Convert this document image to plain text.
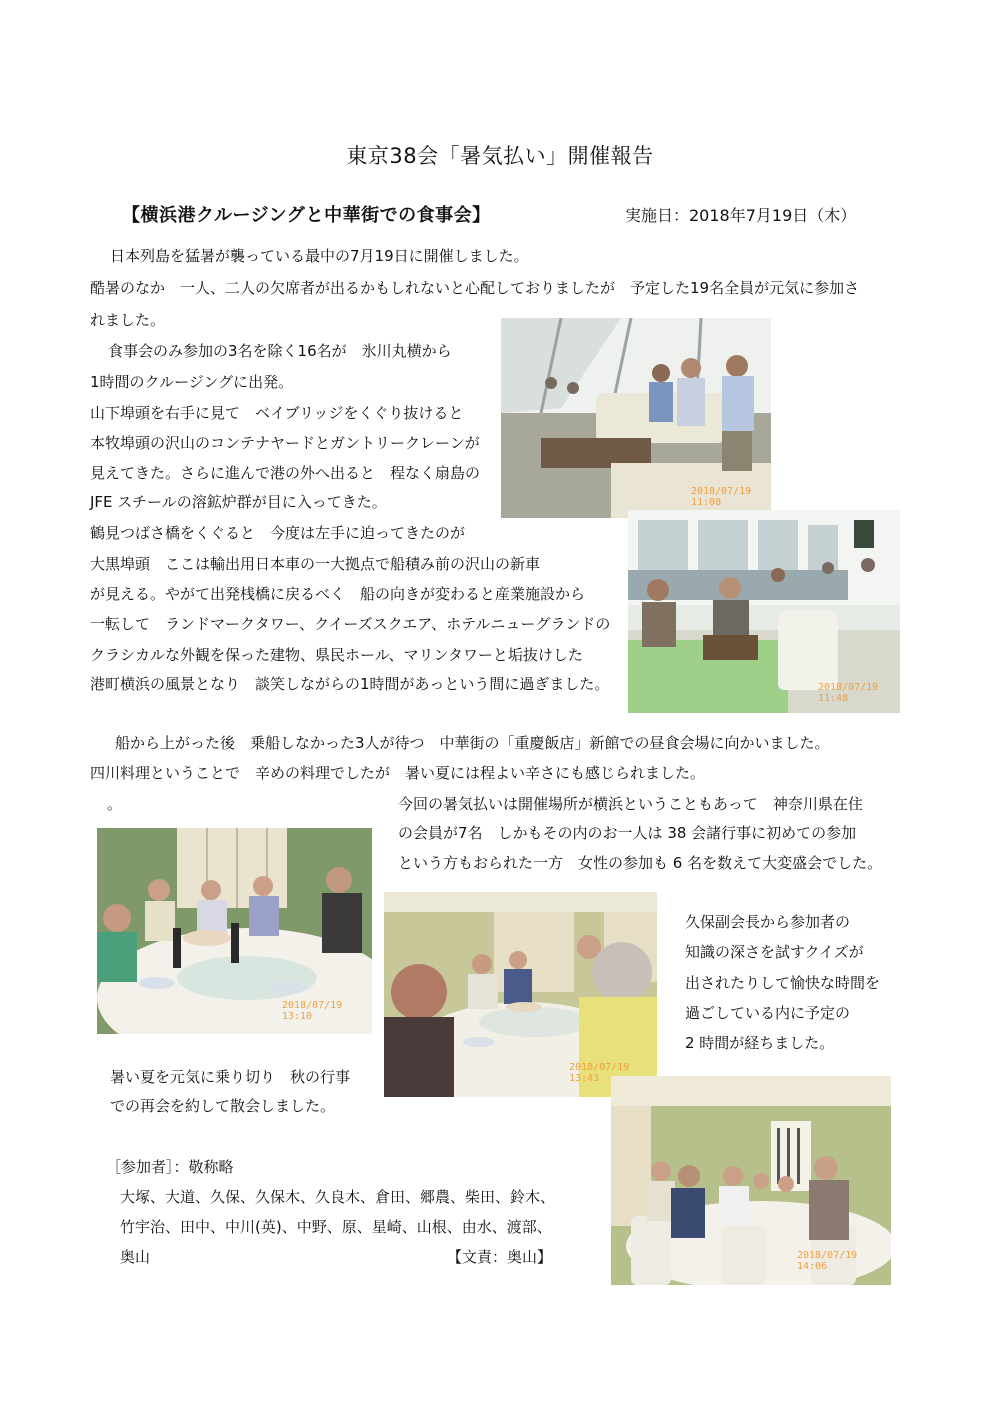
東京38会「暑気払い」開催報告
【横浜港クルージングと中華街での食事会】	実施日：2018年7月19日（木）
日本列島を猛暑が襲っている最中の7月19日に開催しました。
酷暑のなか　一人、二人の欠席者が出るかもしれないと心配しておりましたが　予定した19名全員が元気に参加さ
れました。
食事会のみ参加の3名を除く16名が　氷川丸横から
1時間のクルージングに出発。
山下埠頭を右手に見て　ベイブリッジをくぐり抜けると
本牧埠頭の沢山のコンテナヤードとガントリークレーンが
見えてきた。さらに進んで港の外へ出ると　程なく扇島の
JFE スチールの溶鉱炉群が目に入ってきた。
鶴見つばさ橋をくぐると　今度は左手に迫ってきたのが
大黒埠頭　ここは輸出用日本車の一大拠点で船積み前の沢山の新車
が見える。やがて出発桟橋に戻るべく　船の向きが変わると産業施設から
一転して　ランドマークタワー、クイーズスクエア、ホテルニューグランドの
クラシカルな外観を保った建物、県民ホール、マリンタワーと垢抜けした
港町横浜の風景となり　談笑しながらの1時間があっという間に過ぎました。
2018/07/19 11:08
2018/07/19 11:48
船から上がった後　乗船しなかった3人が待つ　中華街の「重慶飯店」新館での昼食会場に向かいました。
四川料理ということで　辛めの料理でしたが　暑い夏には程よい辛さにも感じられました。
。	今回の暑気払いは開催場所が横浜ということもあって　神奈川県在住
の会員が7名　しかもその内のお一人は 38 会諸行事に初めての参加
という方もおられた一方　女性の参加も 6 名を数えて大変盛会でした。
2018/07/19 13:10
2018/07/19 13:43
久保副会長から参加者の
知識の深さを試すクイズが
出されたりして愉快な時間を
過ごしている内に予定の
2 時間が経ちました。
暑い夏を元気に乗り切り　秋の行事
での再会を約して散会しました。
2018/07/19 14:06
［参加者］：敬称略
大塚、大道、久保、久保木、久良木、倉田、郷農、柴田、鈴木、
竹宇治、田中、中川(英)、中野、原、星崎、山根、由水、渡部、
奥山	【文責：奥山】
